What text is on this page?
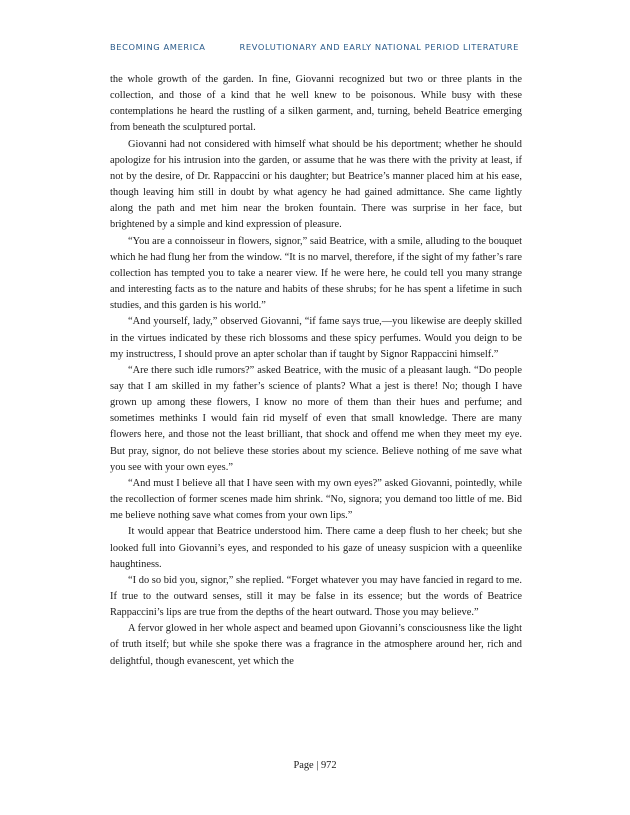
BECOMING AMERICA	REVOLUTIONARY AND EARLY NATIONAL PERIOD LITERATURE

the whole growth of the garden. In fine, Giovanni recognized but two or three plants in the collection, and those of a kind that he well knew to be poisonous. While busy with these contemplations he heard the rustling of a silken garment, and, turning, beheld Beatrice emerging from beneath the sculptured portal.

Giovanni had not considered with himself what should be his deportment; whether he should apologize for his intrusion into the garden, or assume that he was there with the privity at least, if not by the desire, of Dr. Rappaccini or his daughter; but Beatrice’s manner placed him at his ease, though leaving him still in doubt by what agency he had gained admittance. She came lightly along the path and met him near the broken fountain. There was surprise in her face, but brightened by a simple and kind expression of pleasure.

“You are a connoisseur in flowers, signor,” said Beatrice, with a smile, alluding to the bouquet which he had flung her from the window. “It is no marvel, therefore, if the sight of my father’s rare collection has tempted you to take a nearer view. If he were here, he could tell you many strange and interesting facts as to the nature and habits of these shrubs; for he has spent a lifetime in such studies, and this garden is his world.”

“And yourself, lady,” observed Giovanni, “if fame says true,—you likewise are deeply skilled in the virtues indicated by these rich blossoms and these spicy perfumes. Would you deign to be my instructress, I should prove an apter scholar than if taught by Signor Rappaccini himself.”

“Are there such idle rumors?” asked Beatrice, with the music of a pleasant laugh. “Do people say that I am skilled in my father’s science of plants? What a jest is there! No; though I have grown up among these flowers, I know no more of them than their hues and perfume; and sometimes methinks I would fain rid myself of even that small knowledge. There are many flowers here, and those not the least brilliant, that shock and offend me when they meet my eye. But pray, signor, do not believe these stories about my science. Believe nothing of me save what you see with your own eyes.”

“And must I believe all that I have seen with my own eyes?” asked Giovanni, pointedly, while the recollection of former scenes made him shrink. “No, signora; you demand too little of me. Bid me believe nothing save what comes from your own lips.”

It would appear that Beatrice understood him. There came a deep flush to her cheek; but she looked full into Giovanni’s eyes, and responded to his gaze of uneasy suspicion with a queenlike haughtiness.

“I do so bid you, signor,” she replied. “Forget whatever you may have fancied in regard to me. If true to the outward senses, still it may be false in its essence; but the words of Beatrice Rappaccini’s lips are true from the depths of the heart outward. Those you may believe.”

A fervor glowed in her whole aspect and beamed upon Giovanni’s consciousness like the light of truth itself; but while she spoke there was a fragrance in the atmosphere around her, rich and delightful, though evanescent, yet which the

Page | 972
